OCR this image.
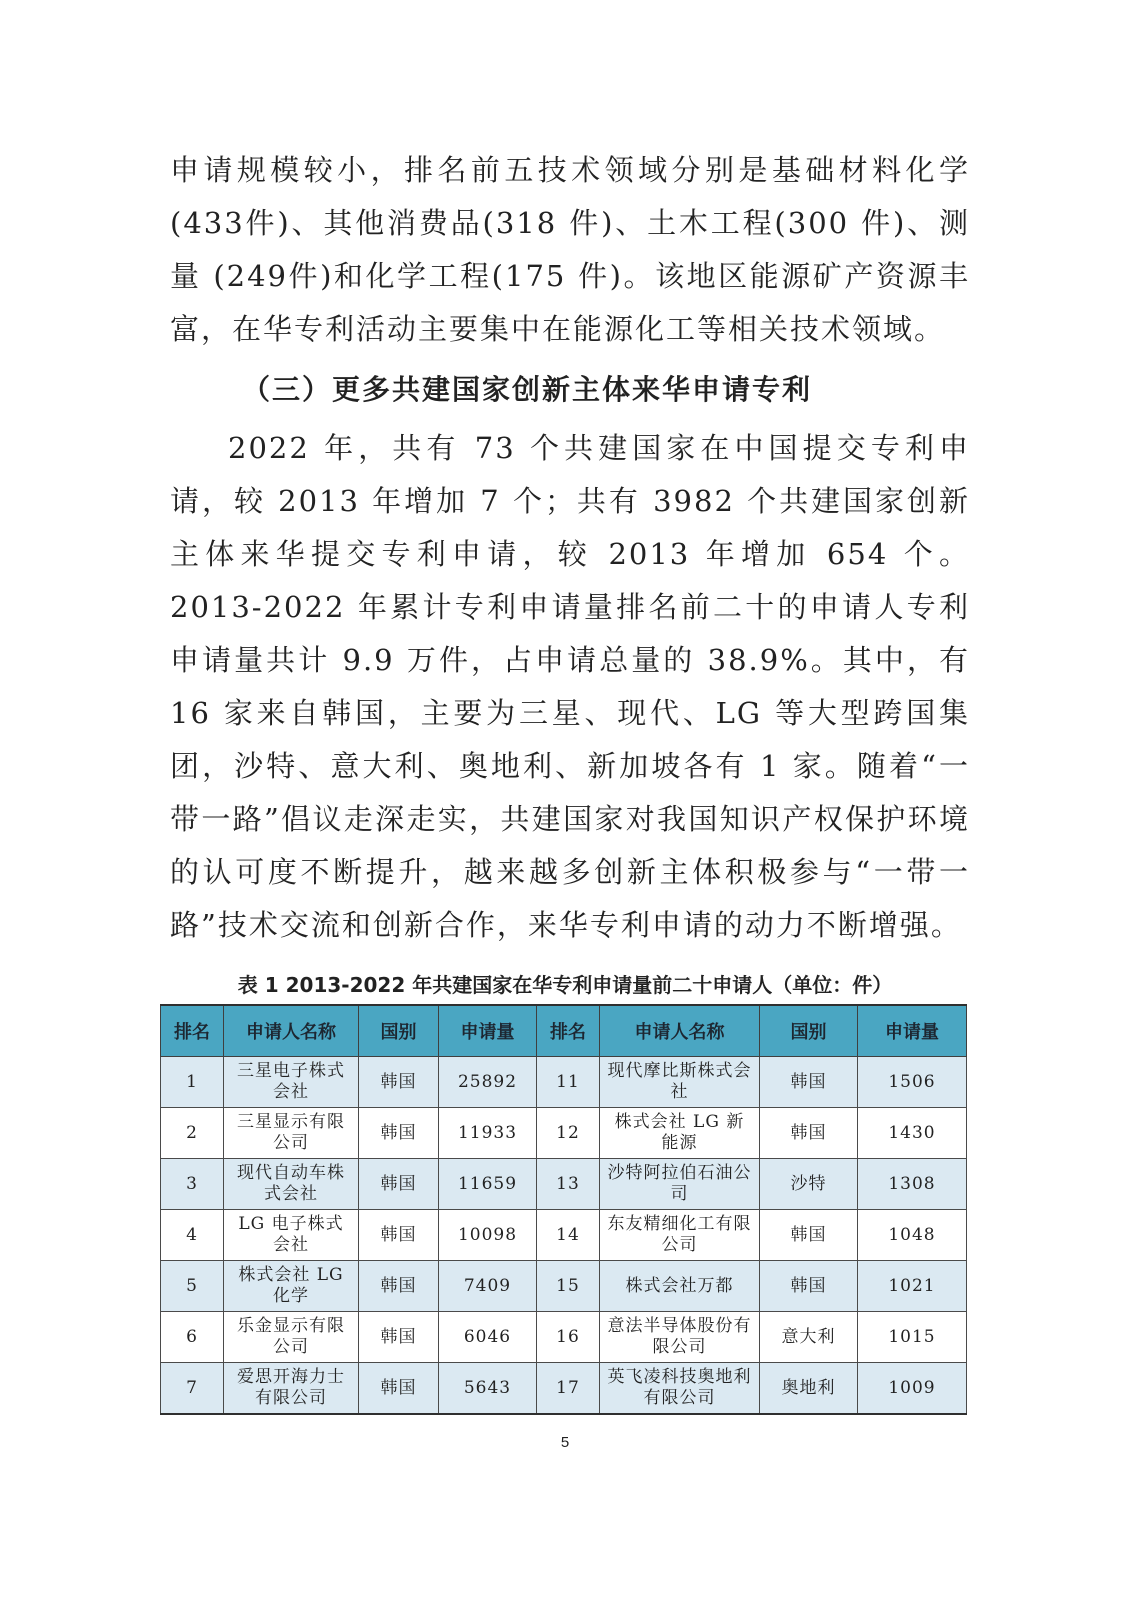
申请规模较小，排名前五技术领域分别是基础材料化学(433件)、其他消费品(318 件)、土木工程(300 件)、测量 (249件)和化学工程(175 件)。该地区能源矿产资源丰富，在华专利活动主要集中在能源化工等相关技术领域。

（三）更多共建国家创新主体来华申请专利

2022 年，共有 73 个共建国家在中国提交专利申请，较 2013 年增加 7 个；共有 3982 个共建国家创新主体来华提交专利申请，较 2013 年增加 654 个。2013-2022 年累计专利申请量排名前二十的申请人专利申请量共计 9.9 万件，占申请总量的 38.9%。其中，有 16 家来自韩国，主要为三星、现代、LG 等大型跨国集团，沙特、意大利、奥地利、新加坡各有 1 家。随着“一带一路”倡议走深走实，共建国家对我国知识产权保护环境的认可度不断提升，越来越多创新主体积极参与“一带一路”技术交流和创新合作，来华专利申请的动力不断增强。

表 1 2013-2022 年共建国家在华专利申请量前二十申请人（单位：件）

排名	申请人名称	国别	申请量	排名	申请人名称	国别	申请量
1	三星电子株式会社	韩国	25892	11	现代摩比斯株式会社	韩国	1506
2	三星显示有限公司	韩国	11933	12	株式会社 LG 新能源	韩国	1430
3	现代自动车株式会社	韩国	11659	13	沙特阿拉伯石油公司	沙特	1308
4	LG 电子株式会社	韩国	10098	14	东友精细化工有限公司	韩国	1048
5	株式会社 LG 化学	韩国	7409	15	株式会社万都	韩国	1021
6	乐金显示有限公司	韩国	6046	16	意法半导体股份有限公司	意大利	1015
7	爱思开海力士有限公司	韩国	5643	17	英飞凌科技奥地利有限公司	奥地利	1009

5
